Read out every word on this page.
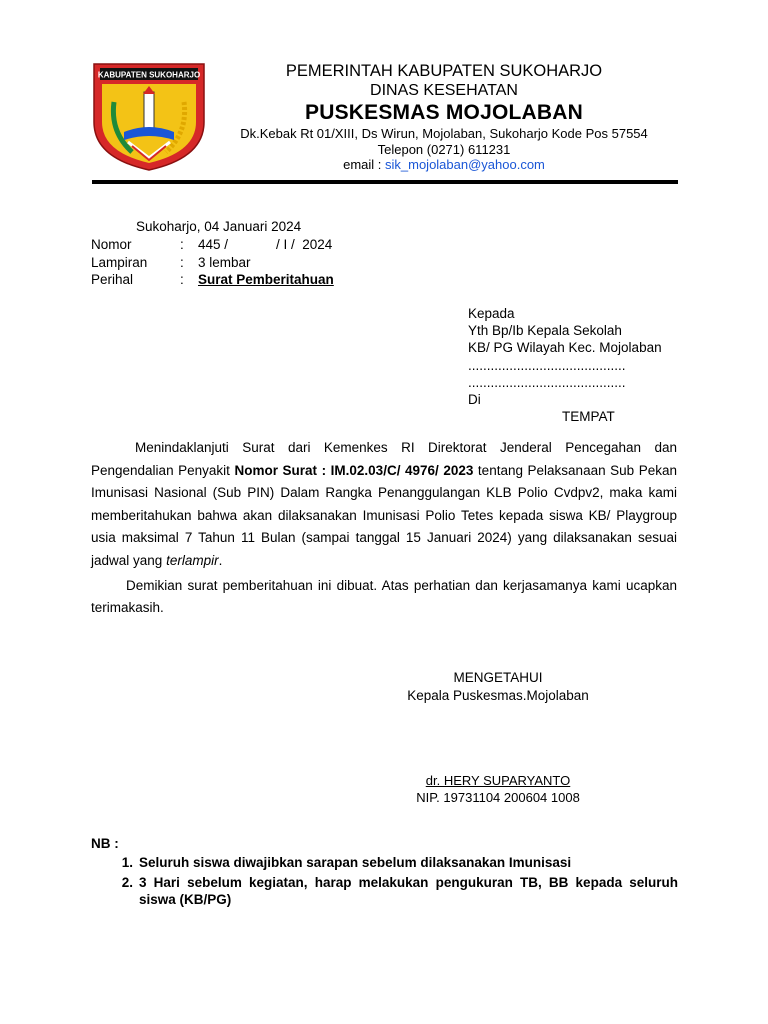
KABUPATEN SUKOHARJO	PEMERINTAH KABUPATEN SUKOHARJO
DINAS KESEHATAN
PUSKESMAS MOJOLABAN
Dk.Kebak Rt 01/XIII, Ds Wirun, Mojolaban, Sukoharjo Kode Pos 57554
Telepon (0271) 611231
email : sik_mojolaban@yahoo.com
Sukoharjo, 04 Januari 2024
Nomor	: 445 /	/ I /  2024
Lampiran : 3 lembar
Perihal	: Surat Pemberitahuan
Kepada
Yth Bp/Ib Kepala Sekolah
KB/ PG Wilayah Kec. Mojolaban
..........................................
..........................................
Di
TEMPAT

Menindaklanjuti Surat dari Kemenkes RI Direktorat Jenderal Pencegahan dan Pengendalian Penyakit Nomor Surat : IM.02.03/C/ 4976/ 2023 tentang Pelaksanaan Sub Pekan Imunisasi Nasional (Sub PIN) Dalam Rangka Penanggulangan KLB Polio Cvdpv2, maka kami memberitahukan bahwa akan dilaksanakan Imunisasi Polio Tetes kepada siswa KB/ Playgroup usia maksimal 7 Tahun 11 Bulan (sampai tanggal 15 Januari 2024) yang dilaksanakan sesuai jadwal yang terlampir.

Demikian surat pemberitahuan ini dibuat. Atas perhatian dan kerjasamanya kami ucapkan terimakasih.

MENGETAHUI
Kepala Puskesmas.Mojolaban
dr. HERY SUPARYANTO
NIP. 19731104 200604 1008
NB :
1. Seluruh siswa diwajibkan sarapan sebelum dilaksanakan Imunisasi
2. 3 Hari sebelum kegiatan, harap melakukan pengukuran TB, BB kepada seluruh siswa (KB/PG)
